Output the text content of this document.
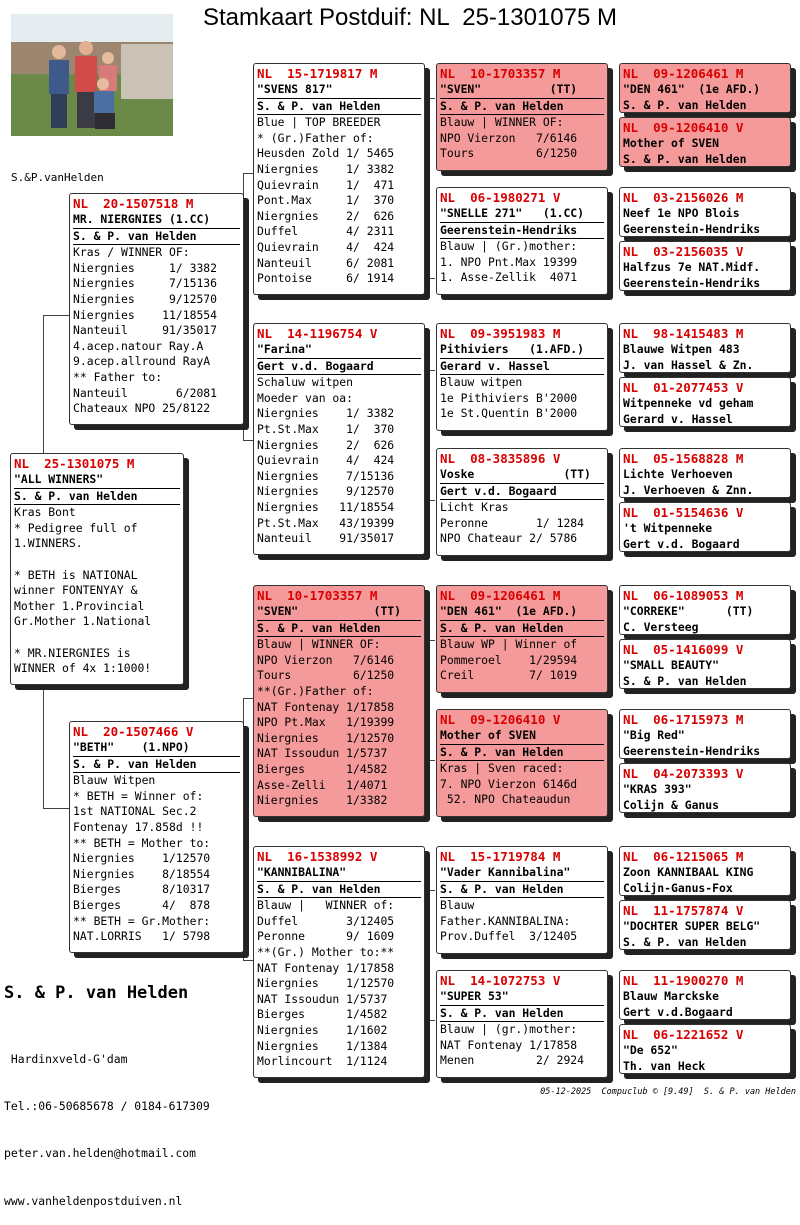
Stamkaart Postduif: NL  25-1301075 M
S.&P.vanHelden
NL  25-1301075 M
"ALL WINNERS"
S. & P. van Helden
Kras Bont
* Pedigree full of
1.WINNERS.

* BETH is NATIONAL
winner FONTENYAY &
Mother 1.Provincial
Gr.Mother 1.National

* MR.NIERGNIES is
WINNER of 4x 1:1000!
NL  20-1507518 M
MR. NIERGNIES (1.CC)
S. & P. van Helden
Kras / WINNER OF:
Niergnies     1/ 3382
Niergnies     7/15136
Niergnies     9/12570
Niergnies    11/18554
Nanteuil     91/35017
4.acep.natour Ray.A
9.acep.allround RayA
** Father to:
Nanteuil       6/2081
Chateaux NPO 25/8122
NL  20-1507466 V
"BETH"    (1.NPO)
S. & P. van Helden
Blauw Witpen
* BETH = Winner of:
1st NATIONAL Sec.2
Fontenay 17.858d !!
** BETH = Mother to:
Niergnies    1/12570
Niergnies    8/18554
Bierges      8/10317
Bierges      4/  878
** BETH = Gr.Mother:
NAT.LORRIS   1/ 5798
NL  15-1719817 M
"SVENS 817"
S. & P. van Helden
Blue | TOP BREEDER
* (Gr.)Father of:
Heusden Zold 1/ 5465
Niergnies    1/ 3382
Quievrain    1/  471
Pont.Max     1/  370
Niergnies    2/  626
Duffel       4/ 2311
Quievrain    4/  424
Nanteuil     6/ 2081
Pontoise     6/ 1914
NL  14-1196754 V
"Farina"
Gert v.d. Bogaard
Schaluw witpen
Moeder van oa:
Niergnies    1/ 3382
Pt.St.Max    1/  370
Niergnies    2/  626
Quievrain    4/  424
Niergnies    7/15136
Niergnies    9/12570
Niergnies   11/18554
Pt.St.Max   43/19399
Nanteuil    91/35017
NL  10-1703357 M
"SVEN"           (TT)
S. & P. van Helden
Blauw | WINNER OF:
NPO Vierzon   7/6146
Tours         6/1250
**(Gr.)Father of:
NAT Fontenay 1/17858
NPO Pt.Max   1/19399
Niergnies    1/12570
NAT Issoudun 1/5737
Bierges      1/4582
Asse-Zelli   1/4071
Niergnies    1/3382
NL  16-1538992 V
"KANNIBALINA"
S. & P. van Helden
Blauw |   WINNER of:
Duffel       3/12405
Peronne      9/ 1609
**(Gr.) Mother to:**
NAT Fontenay 1/17858
Niergnies    1/12570
NAT Issoudun 1/5737
Bierges      1/4582
Niergnies    1/1602
Niergnies    1/1384
Morlincourt  1/1124
NL  10-1703357 M
"SVEN"          (TT)
S. & P. van Helden
Blauw | WINNER OF:
NPO Vierzon   7/6146
Tours         6/1250
NL  06-1980271 V
"SNELLE 271"   (1.CC)
Geerenstein-Hendriks
Blauw | (Gr.)mother:
1. NPO Pnt.Max 19399
1. Asse-Zellik  4071
NL  09-3951983 M
Pithiviers   (1.AFD.)
Gerard v. Hassel
Blauw witpen
1e Pithiviers B'2000
1e St.Quentin B'2000
NL  08-3835896 V
Voske             (TT)
Gert v.d. Bogaard
Licht Kras
Peronne       1/ 1284
NPO Chateaur 2/ 5786
NL  09-1206461 M
"DEN 461"  (1e AFD.)
S. & P. van Helden
Blauw WP | Winner of
Pommeroel    1/29594
Creil        7/ 1019
NL  09-1206410 V
Mother of SVEN
S. & P. van Helden
Kras | Sven raced:
7. NPO Vierzon 6146d
52. NPO Chateaudun
NL  15-1719784 M
"Vader Kannibalina"
S. & P. van Helden
Blauw
Father.KANNIBALINA:
Prov.Duffel  3/12405
NL  14-1072753 V
"SUPER 53"
S. & P. van Helden
Blauw | (gr.)mother:
NAT Fontenay 1/17858
Menen         2/ 2924
NL  09-1206461 M
"DEN 461"  (1e AFD.)
S. & P. van Helden
NL  09-1206410 V
Mother of SVEN
S. & P. van Helden
NL  03-2156026 M
Neef 1e NPO Blois
Geerenstein-Hendriks
NL  03-2156035 V
Halfzus 7e NAT.Midf.
Geerenstein-Hendriks
NL  98-1415483 M
Blauwe Witpen 483
J. van Hassel & Zn.
NL  01-2077453 V
Witpenneke vd geham
Gerard v. Hassel
NL  05-1568828 M
Lichte Verhoeven
J. Verhoeven & Znn.
NL  01-5154636 V
't Witpenneke
Gert v.d. Bogaard
NL  06-1089053 M
"CORREKE"      (TT)
C. Versteeg
NL  05-1416099 V
"SMALL BEAUTY"
S. & P. van Helden
NL  06-1715973 M
"Big Red"
Geerenstein-Hendriks
NL  04-2073393 V
"KRAS 393"
Colijn & Ganus
NL  06-1215065 M
Zoon KANNIBAAL KING
Colijn-Ganus-Fox
NL  11-1757874 V
"DOCHTER SUPER BELG"
S. & P. van Helden
NL  11-1900270 M
Blauw Marckske
Gert v.d.Bogaard
NL  06-1221652 V
"De 652"
Th. van Heck
S. & P. van Helden

Hardinxveld-G'dam

Tel.:06-50685678 / 0184-617309

peter.van.helden@hotmail.com

www.vanheldenpostduiven.nl

05-12-2025  Compuclub © [9.49]  S. & P. van Helden
